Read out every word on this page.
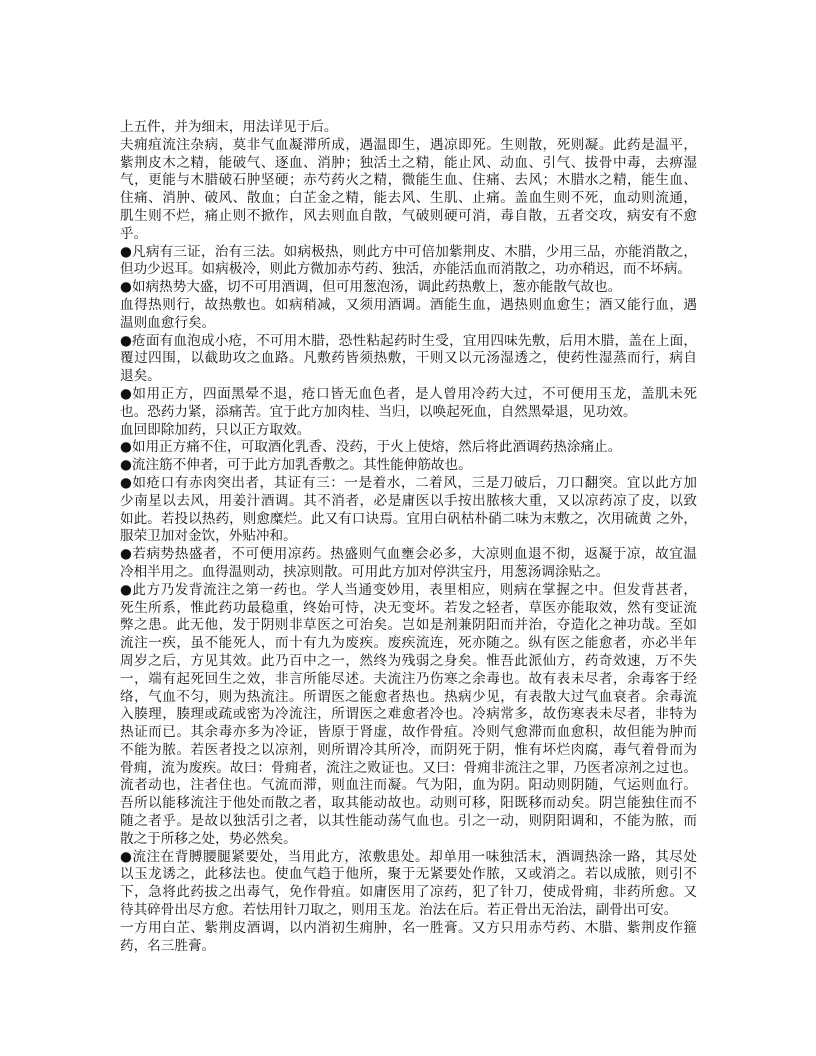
上五件，并为细末，用法详见于后。
夫痈疽流注杂病，莫非气血凝滞所成，遇温即生，遇凉即死。生则散，死则凝。此药是温平，
紫荆皮木之精，能破气、逐血、消肿；独活土之精，能止风、动血、引气、拔骨中毒，去痹湿
气，更能与木腊破石肿坚硬；赤芍药火之精，微能生血、住痛、去风；木腊水之精，能生血、
住痛、消肿、破风、散血；白芷金之精，能去风、生肌、止痛。盖血生则不死，血动则流通，
肌生则不烂，痛止则不掀作，风去则血自散，气破则硬可消，毒自散，五者交攻，病安有不愈
乎。
●凡病有三证，治有三法。如病极热，则此方中可倍加紫荆皮、木腊，少用三品，亦能消散之，
但功少迟耳。如病极冷，则此方微加赤芍药、独活，亦能活血而消散之，功亦稍迟，而不坏病。
●如病热势大盛，切不可用酒调，但可用葱泡汤，调此药热敷上，葱亦能散气故也。
血得热则行，故热敷也。如病稍减，又须用酒调。酒能生血，遇热则血愈生；酒又能行血，遇
温则血愈行矣。
●疮面有血泡成小疮，不可用木腊，恐性粘起药时生受，宜用四味先敷，后用木腊，盖在上面，
覆过四围，以截助攻之血路。凡敷药皆须热敷，干则又以元汤湿透之，使药性湿蒸而行，病自
退矣。
●如用正方，四面黑晕不退，疮口皆无血色者，是人曾用冷药大过，不可便用玉龙，盖肌未死
也。恐药力紧，添痛苦。宜于此方加肉桂、当归，以唤起死血，自然黑晕退，见功效。
血回即除加药，只以正方取效。
●如用正方痛不住，可取酒化乳香、没药，于火上使熔，然后将此酒调药热涂痛止。
●流注筋不伸者，可于此方加乳香敷之。其性能伸筋故也。
●如疮口有赤肉突出者，其证有三：一是着水，二着风，三是刀破后，刀口翻突。宜以此方加
少南星以去风，用姜汁酒调。其不消者，必是庸医以手按出脓核大重，又以凉药凉了皮，以致
如此。若投以热药，则愈糜烂。此又有口诀焉。宜用白矾枯朴硝二味为末敷之，次用硫黄 之外，
服荣卫加对金饮，外贴冲和。
●若病势热盛者，不可便用凉药。热盛则气血壅会必多，大凉则血退不彻，返凝于凉，故宜温
冷相半用之。血得温则动，挟凉则散。可用此方加对停洪宝丹，用葱汤调涂贴之。
●此方乃发背流注之第一药也。学人当通变妙用，表里相应，则病在掌握之中。但发背甚者，
死生所系，惟此药功最稳重，终始可恃，决无变坏。若发之轻者，草医亦能取效，然有变证流
弊之患。此无他，发于阴则非草医之可治矣。岂如是剂兼阴阳而并治，夺造化之神功哉。至如
流注一疾，虽不能死人，而十有九为废疾。废疾流连，死亦随之。纵有医之能愈者，亦必半年
周岁之后，方见其效。此乃百中之一，然终为残弱之身矣。惟吾此派仙方，药奇效速，万不失
一，端有起死回生之效，非言所能尽述。夫流注乃伤寒之余毒也。故有表未尽者，余毒客于经
络，气血不匀，则为热流注。所谓医之能愈者热也。热病少见，有表散大过气血衰者。余毒流
入腠理，腠理或疏或密为冷流注，所谓医之难愈者冷也。冷病常多，故伤寒表未尽者，非特为
热证而已。其余毒亦多为冷证，皆原于肾虚，故作骨疽。冷则气愈滞而血愈积，故但能为肿而
不能为脓。若医者投之以凉剂，则所谓冷其所冷，而阴死于阴，惟有坏烂肉腐，毒气着骨而为
骨痈，流为废疾。故曰：骨痈者，流注之败证也。又曰：骨痈非流注之罪，乃医者凉剂之过也。
流者动也，注者住也。气流而滞，则血注而凝。气为阳，血为阴。阳动则阴随，气运则血行。
吾所以能移流注于他处而散之者，取其能动故也。动则可移，阳既移而动矣。阴岂能独住而不
随之者乎。是故以独活引之者，以其性能动荡气血也。引之一动，则阴阳调和，不能为脓，而
散之于所移之处，势必然矣。
●流注在背膊腰腿紧要处，当用此方，浓敷患处。却单用一味独活末，酒调热涂一路，其尽处
以玉龙诱之，此移法也。使血气趋于他所，聚于无紧要处作脓，又或消之。若以成脓，则引不
下，急将此药拔之出毒气，免作骨疽。如庸医用了凉药，犯了针刀，使成骨痈，非药所愈。又
待其碎骨出尽方愈。若怯用针刀取之，则用玉龙。治法在后。若正骨出无治法，副骨出可安。
一方用白芷、紫荆皮酒调，以内消初生痈肿，名一胜膏。又方只用赤芍药、木腊、紫荆皮作箍
药，名三胜膏。
